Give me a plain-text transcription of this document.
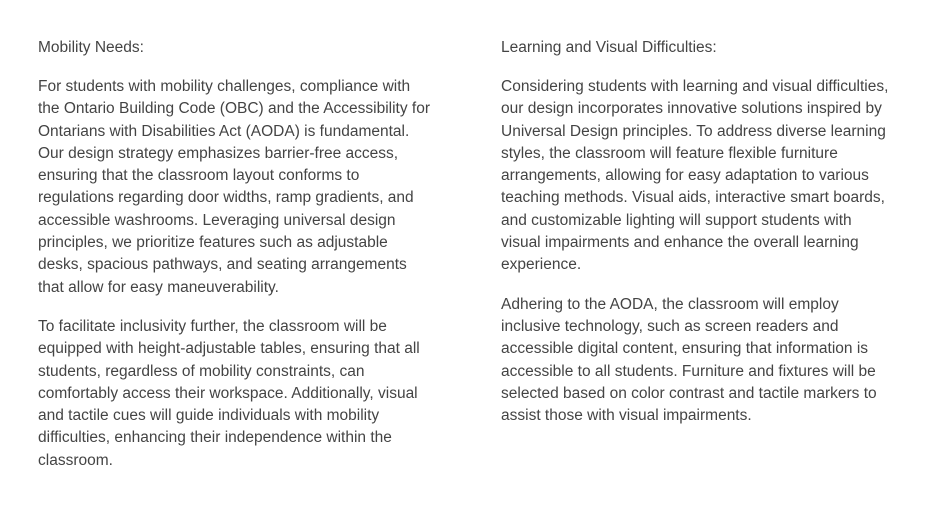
Mobility Needs:

For students with mobility challenges, compliance with the Ontario Building Code (OBC) and the Accessibility for Ontarians with Disabilities Act (AODA) is fundamental. Our design strategy emphasizes barrier-free access, ensuring that the classroom layout conforms to regulations regarding door widths, ramp gradients, and accessible washrooms. Leveraging universal design principles, we prioritize features such as adjustable desks, spacious pathways, and seating arrangements that allow for easy maneuverability.

To facilitate inclusivity further, the classroom will be equipped with height-adjustable tables, ensuring that all students, regardless of mobility constraints, can comfortably access their workspace. Additionally, visual and tactile cues will guide individuals with mobility difficulties, enhancing their independence within the classroom.

Learning and Visual Difficulties:

Considering students with learning and visual difficulties, our design incorporates innovative solutions inspired by Universal Design principles. To address diverse learning styles, the classroom will feature flexible furniture arrangements, allowing for easy adaptation to various teaching methods. Visual aids, interactive smart boards, and customizable lighting will support students with visual impairments and enhance the overall learning experience.

Adhering to the AODA, the classroom will employ inclusive technology, such as screen readers and accessible digital content, ensuring that information is accessible to all students. Furniture and fixtures will be selected based on color contrast and tactile markers to assist those with visual impairments.
